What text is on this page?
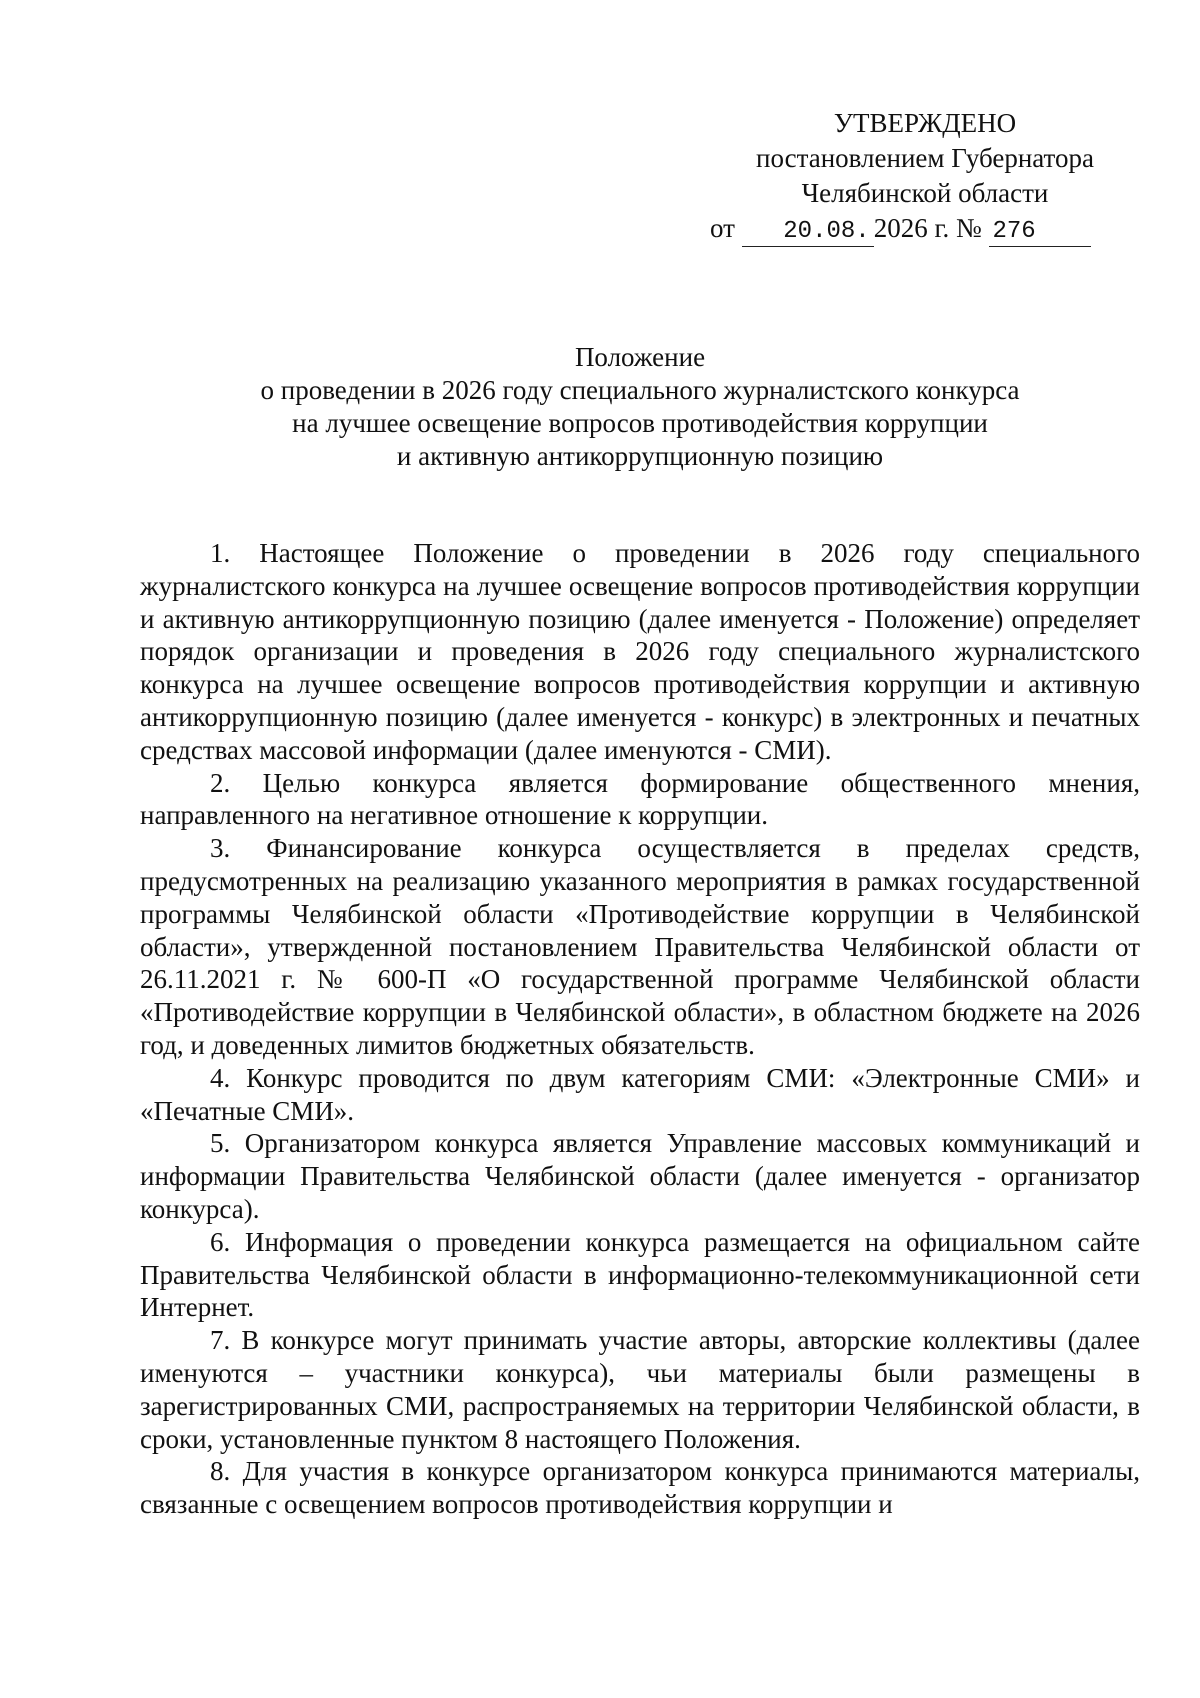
УТВЕРЖДЕНО
постановлением Губернатора
Челябинской области
от 20.08. 2026 г. № 276
Положение
о проведении в 2026 году специального журналистского конкурса
на лучшее освещение вопросов противодействия коррупции
и активную антикоррупционную позицию

1. Настоящее Положение о проведении в 2026 году специального журналистского конкурса на лучшее освещение вопросов противодействия коррупции и активную антикоррупционную позицию (далее именуется - Положение) определяет порядок организации и проведения в 2026 году специального журналистского конкурса на лучшее освещение вопросов противодействия коррупции и активную антикоррупционную позицию (далее именуется - конкурс) в электронных и печатных средствах массовой информации (далее именуются - СМИ).

2. Целью конкурса является формирование общественного мнения, направленного на негативное отношение к коррупции.

3. Финансирование конкурса осуществляется в пределах средств, предусмотренных на реализацию указанного мероприятия в рамках государственной программы Челябинской области «Противодействие коррупции в Челябинской области», утвержденной постановлением Правительства Челябинской области от 26.11.2021 г. № 600-П «О государственной программе Челябинской области «Противодействие коррупции в Челябинской области», в областном бюджете на 2026 год, и доведенных лимитов бюджетных обязательств.

4. Конкурс проводится по двум категориям СМИ: «Электронные СМИ» и «Печатные СМИ».

5. Организатором конкурса является Управление массовых коммуникаций и информации Правительства Челябинской области (далее именуется - организатор конкурса).

6. Информация о проведении конкурса размещается на официальном сайте Правительства Челябинской области в информационно-телекоммуникационной сети Интернет.

7. В конкурсе могут принимать участие авторы, авторские коллективы (далее именуются – участники конкурса), чьи материалы были размещены в зарегистрированных СМИ, распространяемых на территории Челябинской области, в сроки, установленные пунктом 8 настоящего Положения.

8. Для участия в конкурсе организатором конкурса принимаются материалы, связанные с освещением вопросов противодействия коррупции и
